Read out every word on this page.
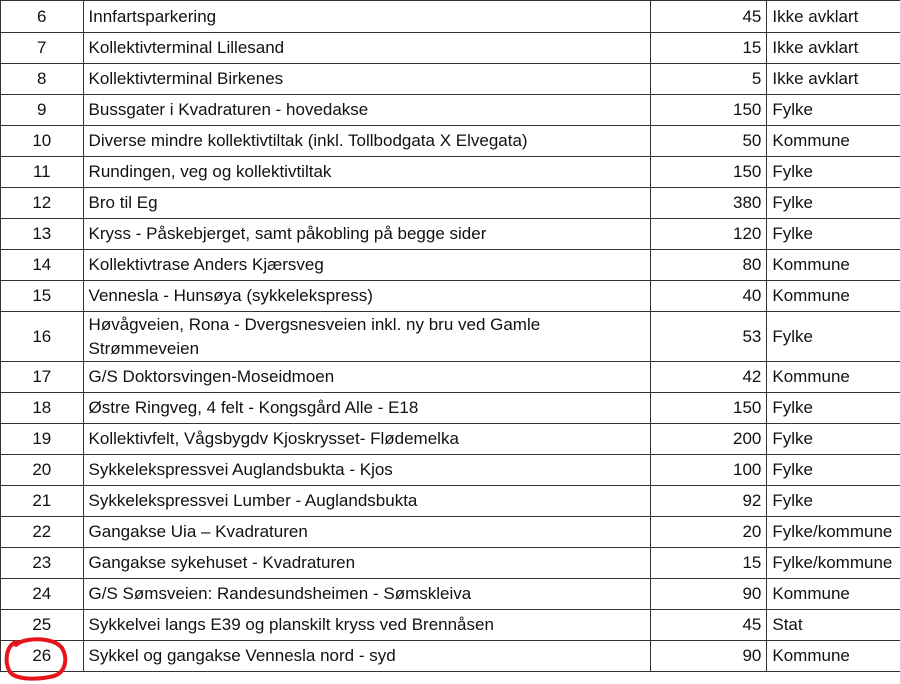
6	Innfartsparkering	45	Ikke avklart
7	Kollektivterminal Lillesand	15	Ikke avklart
8	Kollektivterminal Birkenes	5	Ikke avklart
9	Bussgater i Kvadraturen - hovedakse	150	Fylke
10	Diverse mindre kollektivtiltak (inkl. Tollbodgata X Elvegata)	50	Kommune
11	Rundingen, veg og kollektivtiltak	150	Fylke
12	Bro til Eg	380	Fylke
13	Kryss - Påskebjerget, samt påkobling på begge sider	120	Fylke
14	Kollektivtrase Anders Kjærsveg	80	Kommune
15	Vennesla - Hunsøya (sykkelekspress)	40	Kommune
16	Høvågveien, Rona - Dvergsnesveien inkl. ny bru ved Gamle Strømmeveien	53	Fylke
17	G/S Doktorsvingen-Moseidmoen	42	Kommune
18	Østre Ringveg, 4 felt - Kongsgård Alle - E18	150	Fylke
19	Kollektivfelt, Vågsbygdv Kjoskrysset- Flødemelka	200	Fylke
20	Sykkelekspressvei Auglandsbukta - Kjos	100	Fylke
21	Sykkelekspressvei Lumber - Auglandsbukta	92	Fylke
22	Gangakse Uia – Kvadraturen	20	Fylke/kommune
23	Gangakse sykehuset - Kvadraturen	15	Fylke/kommune
24	G/S Sømsveien: Randesundsheimen - Sømskleiva	90	Kommune
25	Sykkelvei langs E39 og planskilt kryss ved Brennåsen	45	Stat
26	Sykkel og gangakse Vennesla nord - syd	90	Kommune
